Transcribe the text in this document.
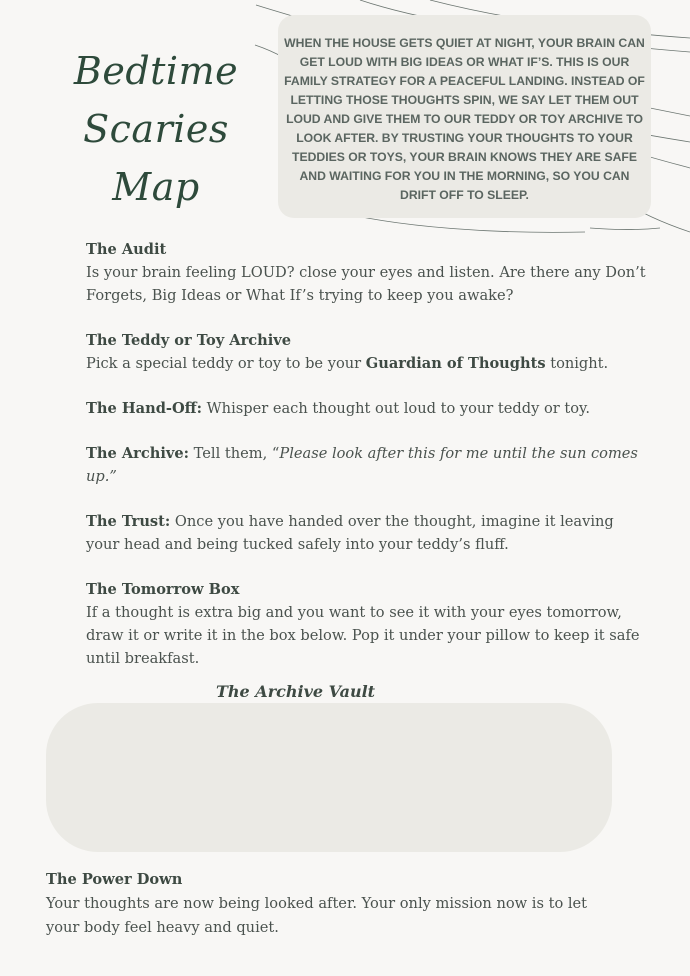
Bedtime
Scaries
Map
WHEN THE HOUSE GETS QUIET AT NIGHT, YOUR BRAIN CAN GET LOUD WITH BIG IDEAS OR WHAT IF’S. THIS IS OUR FAMILY STRATEGY FOR A PEACEFUL LANDING. INSTEAD OF LETTING THOSE THOUGHTS SPIN, WE SAY LET THEM OUT LOUD AND GIVE THEM TO OUR TEDDY OR TOY ARCHIVE TO LOOK AFTER. BY TRUSTING YOUR THOUGHTS TO YOUR TEDDIES OR TOYS, YOUR BRAIN KNOWS THEY ARE SAFE AND WAITING FOR YOU IN THE MORNING, SO YOU CAN DRIFT OFF TO SLEEP.
The Audit
Is your brain feeling LOUD? close your eyes and listen. Are there any Don’t Forgets, Big Ideas or What If’s trying to keep you awake?
The Teddy or Toy Archive
Pick a special teddy or toy to be your Guardian of Thoughts tonight.
The Hand-Off: Whisper each thought out loud to your teddy or toy.
The Archive: Tell them, “Please look after this for me until the sun comes up.”
The Trust: Once you have handed over the thought, imagine it leaving your head and being tucked safely into your teddy’s fluff.
The Tomorrow Box
If a thought is extra big and you want to see it with your eyes tomorrow, draw it or write it in the box below. Pop it under your pillow to keep it safe until breakfast.
The Archive Vault
The Power Down
Your thoughts are now being looked after. Your only mission now is to let your body feel heavy and quiet.
